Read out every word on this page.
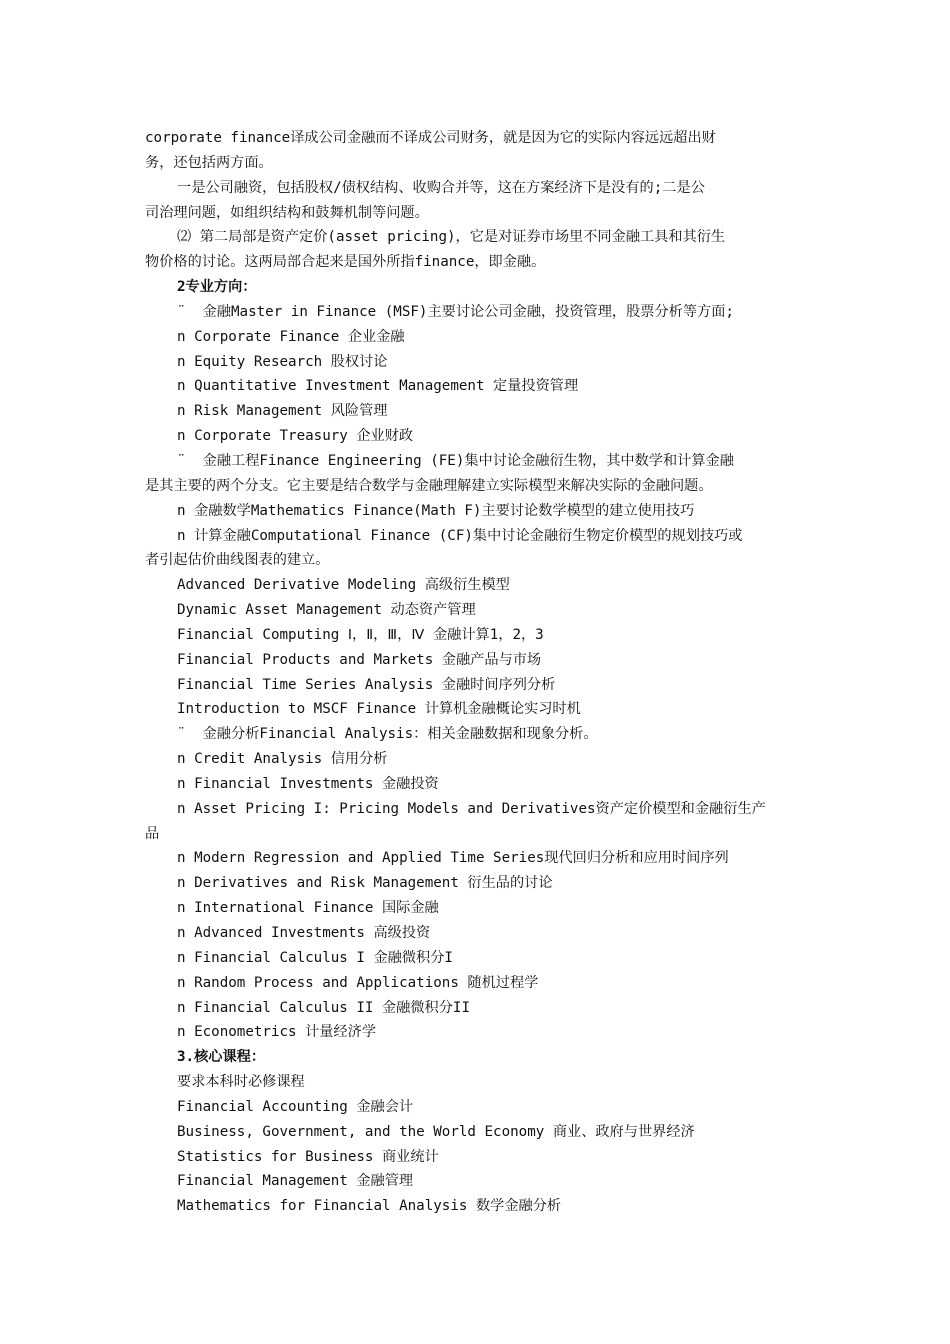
corporate finance译成公司金融而不译成公司财务，就是因为它的实际内容远远超出财
务，还包括两方面。
一是公司融资，包括股权/债权结构、收购合并等，这在方案经济下是没有的;二是公
司治理问题，如组织结构和鼓舞机制等问题。
⑵ 第二局部是资产定价(asset pricing)，它是对证券市场里不同金融工具和其衍生
物价格的讨论。这两局部合起来是国外所指finance，即金融。
2专业方向：
¨  金融Master in Finance (MSF)主要讨论公司金融，投资管理，股票分析等方面;
n Corporate Finance 企业金融
n Equity Research 股权讨论
n Quantitative Investment Management 定量投资管理
n Risk Management 风险管理
n Corporate Treasury 企业财政
¨  金融工程Finance Engineering (FE)集中讨论金融衍生物，其中数学和计算金融
是其主要的两个分支。它主要是结合数学与金融理解建立实际模型来解决实际的金融问题。
n 金融数学Mathematics Finance(Math F)主要讨论数学模型的建立使用技巧
n 计算金融Computational Finance (CF)集中讨论金融衍生物定价模型的规划技巧或
者引起估价曲线图表的建立。
Advanced Derivative Modeling 高级衍生模型
Dynamic Asset Management 动态资产管理
Financial Computing Ⅰ，Ⅱ，Ⅲ，Ⅳ 金融计算1，2，3
Financial Products and Markets 金融产品与市场
Financial Time Series Analysis 金融时间序列分析
Introduction to MSCF Finance 计算机金融概论实习时机
¨  金融分析Financial Analysis：相关金融数据和现象分析。
n Credit Analysis 信用分析
n Financial Investments 金融投资
n Asset Pricing I: Pricing Models and Derivatives资产定价模型和金融衍生产
品
n Modern Regression and Applied Time Series现代回归分析和应用时间序列
n Derivatives and Risk Management 衍生品的讨论
n International Finance 国际金融
n Advanced Investments 高级投资
n Financial Calculus I 金融微积分I
n Random Process and Applications 随机过程学
n Financial Calculus II 金融微积分II
n Econometrics 计量经济学
3.核心课程：
要求本科时必修课程
Financial Accounting 金融会计
Business, Government, and the World Economy 商业、政府与世界经济
Statistics for Business 商业统计
Financial Management 金融管理
Mathematics for Financial Analysis 数学金融分析
